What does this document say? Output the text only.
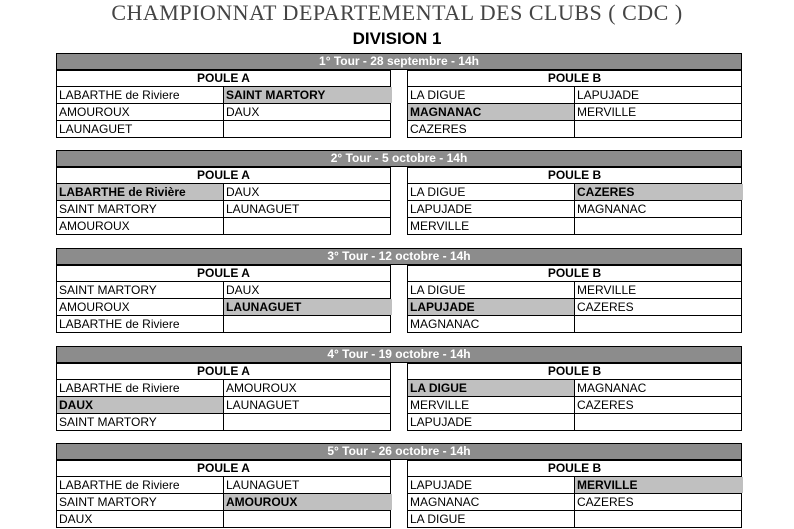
CHAMPIONNAT DEPARTEMENTAL DES CLUBS ( CDC )
DIVISION 1
1° Tour - 28 septembre - 14h
POULE A
LABARTHE de Riviere	SAINT MARTORY
AMOUROUX	DAUX
LAUNAGUET
POULE B
LA DIGUE	LAPUJADE
MAGNANAC	MERVILLE
CAZERES
2° Tour - 5 octobre - 14h
POULE A
LABARTHE de Rivière	DAUX
SAINT MARTORY	LAUNAGUET
AMOUROUX
POULE B
LA DIGUE	CAZERES
LAPUJADE	MAGNANAC
MERVILLE
3° Tour - 12 octobre - 14h
POULE A
SAINT MARTORY	DAUX
AMOUROUX	LAUNAGUET
LABARTHE de Riviere
POULE B
LA DIGUE	MERVILLE
LAPUJADE	CAZERES
MAGNANAC
4° Tour - 19 octobre - 14h
POULE A
LABARTHE de Riviere	AMOUROUX
DAUX	LAUNAGUET
SAINT MARTORY
POULE B
LA DIGUE	MAGNANAC
MERVILLE	CAZERES
LAPUJADE
5° Tour - 26 octobre - 14h
POULE A
LABARTHE de Riviere	LAUNAGUET
SAINT MARTORY	AMOUROUX
DAUX
POULE B
LAPUJADE	MERVILLE
MAGNANAC	CAZERES
LA DIGUE
